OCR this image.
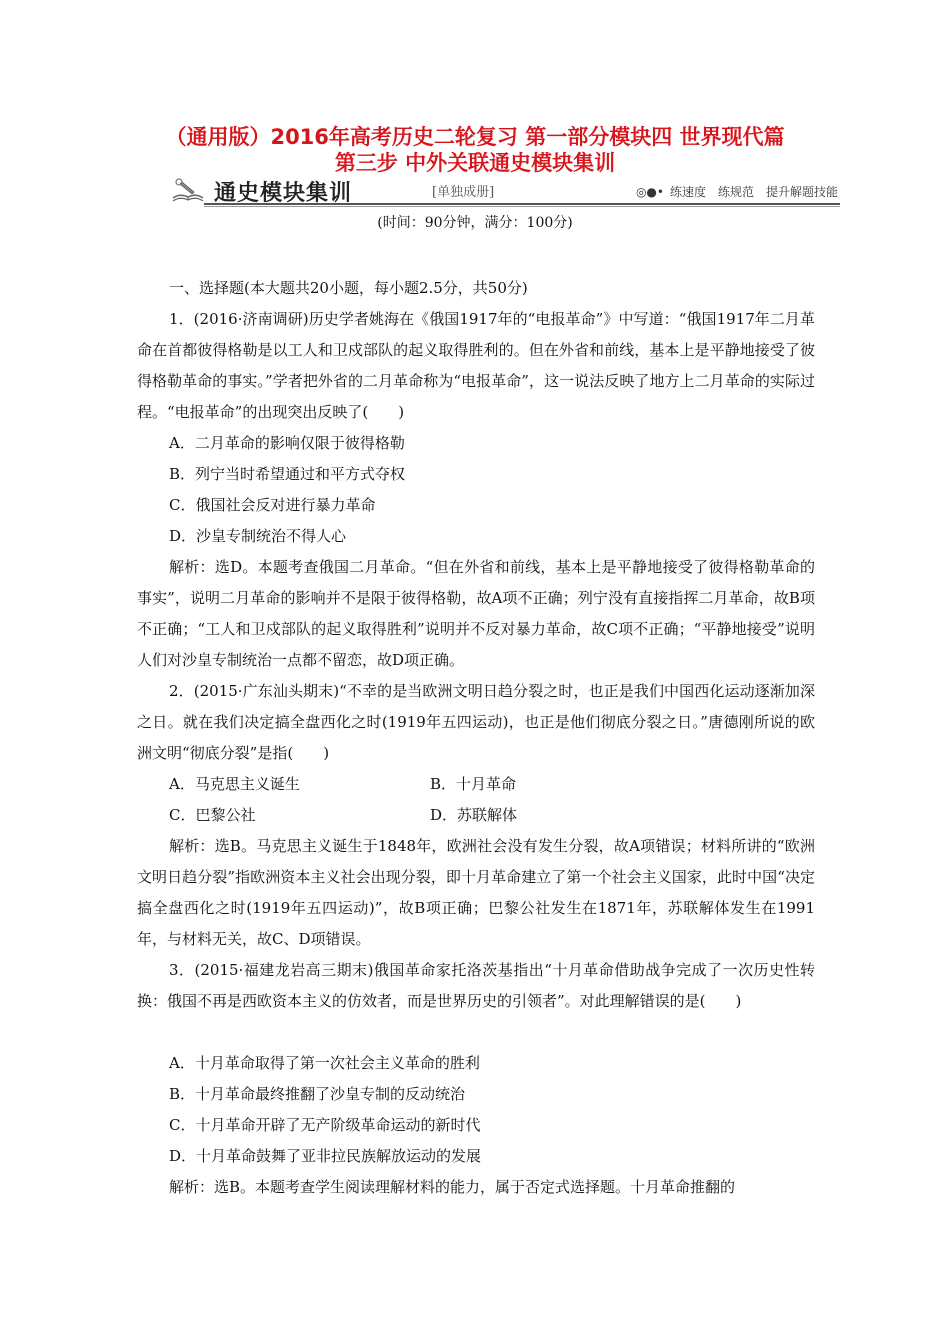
（通用版）2016年高考历史二轮复习 第一部分模块四 世界现代篇
第三步 中外关联通史模块集训
通史模块集训	[单独成册]	◎●• 练速度　练规范　提升解题技能
(时间：90分钟，满分：100分)
一、选择题(本大题共20小题，每小题2.5分，共50分)
1．(2016·济南调研)历史学者姚海在《俄国1917年的“电报革命”》中写道：“俄国1917年二月革命在首都彼得格勒是以工人和卫戍部队的起义取得胜利的。但在外省和前线，基本上是平静地接受了彼得格勒革命的事实。”学者把外省的二月革命称为“电报革命”，这一说法反映了地方上二月革命的实际过程。“电报革命”的出现突出反映了(　　)
A．二月革命的影响仅限于彼得格勒
B．列宁当时希望通过和平方式夺权
C．俄国社会反对进行暴力革命
D．沙皇专制统治不得人心
解析：选D。本题考查俄国二月革命。“但在外省和前线，基本上是平静地接受了彼得格勒革命的事实”，说明二月革命的影响并不是限于彼得格勒，故A项不正确；列宁没有直接指挥二月革命，故B项不正确；“工人和卫戍部队的起义取得胜利”说明并不反对暴力革命，故C项不正确；“平静地接受”说明人们对沙皇专制统治一点都不留恋，故D项正确。
2．(2015·广东汕头期末)“不幸的是当欧洲文明日趋分裂之时，也正是我们中国西化运动逐渐加深之日。就在我们决定搞全盘西化之时(1919年五四运动)，也正是他们彻底分裂之日。”唐德刚所说的欧洲文明“彻底分裂”是指(　　)
A．马克思主义诞生	B．十月革命
C．巴黎公社	D．苏联解体
解析：选B。马克思主义诞生于1848年，欧洲社会没有发生分裂，故A项错误；材料所讲的“欧洲文明日趋分裂”指欧洲资本主义社会出现分裂，即十月革命建立了第一个社会主义国家，此时中国“决定搞全盘西化之时(1919年五四运动)”，故B项正确；巴黎公社发生在1871年，苏联解体发生在1991年，与材料无关，故C、D项错误。
3．(2015·福建龙岩高三期末)俄国革命家托洛茨基指出“十月革命借助战争完成了一次历史性转换：俄国不再是西欧资本主义的仿效者，而是世界历史的引领者”。对此理解错误的是(　　)
A．十月革命取得了第一次社会主义革命的胜利
B．十月革命最终推翻了沙皇专制的反动统治
C．十月革命开辟了无产阶级革命运动的新时代
D．十月革命鼓舞了亚非拉民族解放运动的发展
解析：选B。本题考查学生阅读理解材料的能力，属于否定式选择题。十月革命推翻的
